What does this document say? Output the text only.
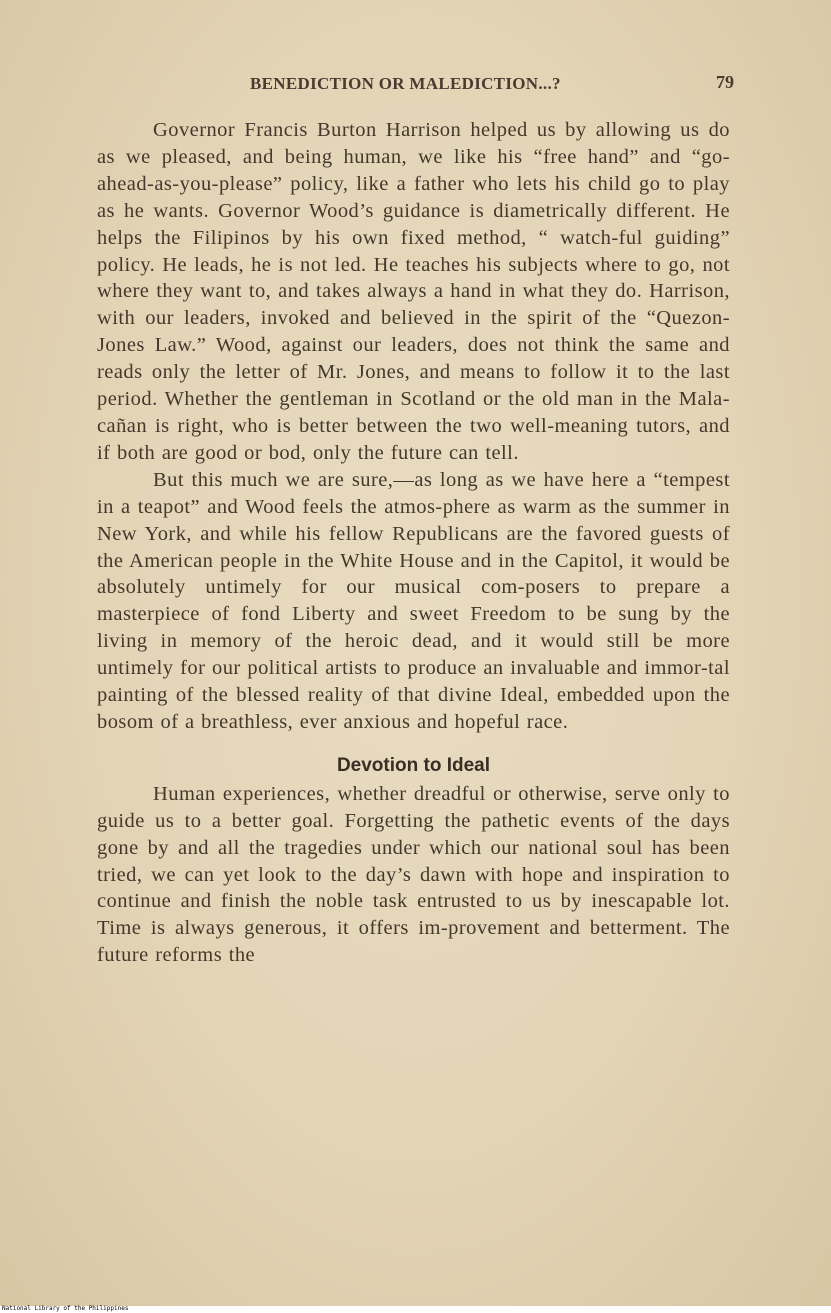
BENEDICTION OR MALEDICTION...?	79

Governor Francis Burton Harrison helped us by allowing us do as we pleased, and being human, we like his “free hand” and “go-ahead-as-you-please” policy, like a father who lets his child go to play as he wants. Governor Wood’s guidance is diametrically different. He helps the Filipinos by his own fixed method, “ watch-ful guiding” policy. He leads, he is not led. He teaches his subjects where to go, not where they want to, and takes always a hand in what they do. Harrison, with our leaders, invoked and believed in the spirit of the “Quezon-Jones Law.” Wood, against our leaders, does not think the same and reads only the letter of Mr. Jones, and means to follow it to the last period. Whether the gentleman in Scotland or the old man in the Mala-cañan is right, who is better between the two well-meaning tutors, and if both are good or bod, only the future can tell.

But this much we are sure,—as long as we have here a “tempest in a teapot” and Wood feels the atmos-phere as warm as the summer in New York, and while his fellow Republicans are the favored guests of the American people in the White House and in the Capitol, it would be absolutely untimely for our musical com-posers to prepare a masterpiece of fond Liberty and sweet Freedom to be sung by the living in memory of the heroic dead, and it would still be more untimely for our political artists to produce an invaluable and immor-tal painting of the blessed reality of that divine Ideal, embedded upon the bosom of a breathless, ever anxious and hopeful race.

Devotion to Ideal

Human experiences, whether dreadful or otherwise, serve only to guide us to a better goal. Forgetting the pathetic events of the days gone by and all the tragedies under which our national soul has been tried, we can yet look to the day’s dawn with hope and inspiration to continue and finish the noble task entrusted to us by inescapable lot. Time is always generous, it offers im-provement and betterment. The future reforms the

National Library of the Philippines
